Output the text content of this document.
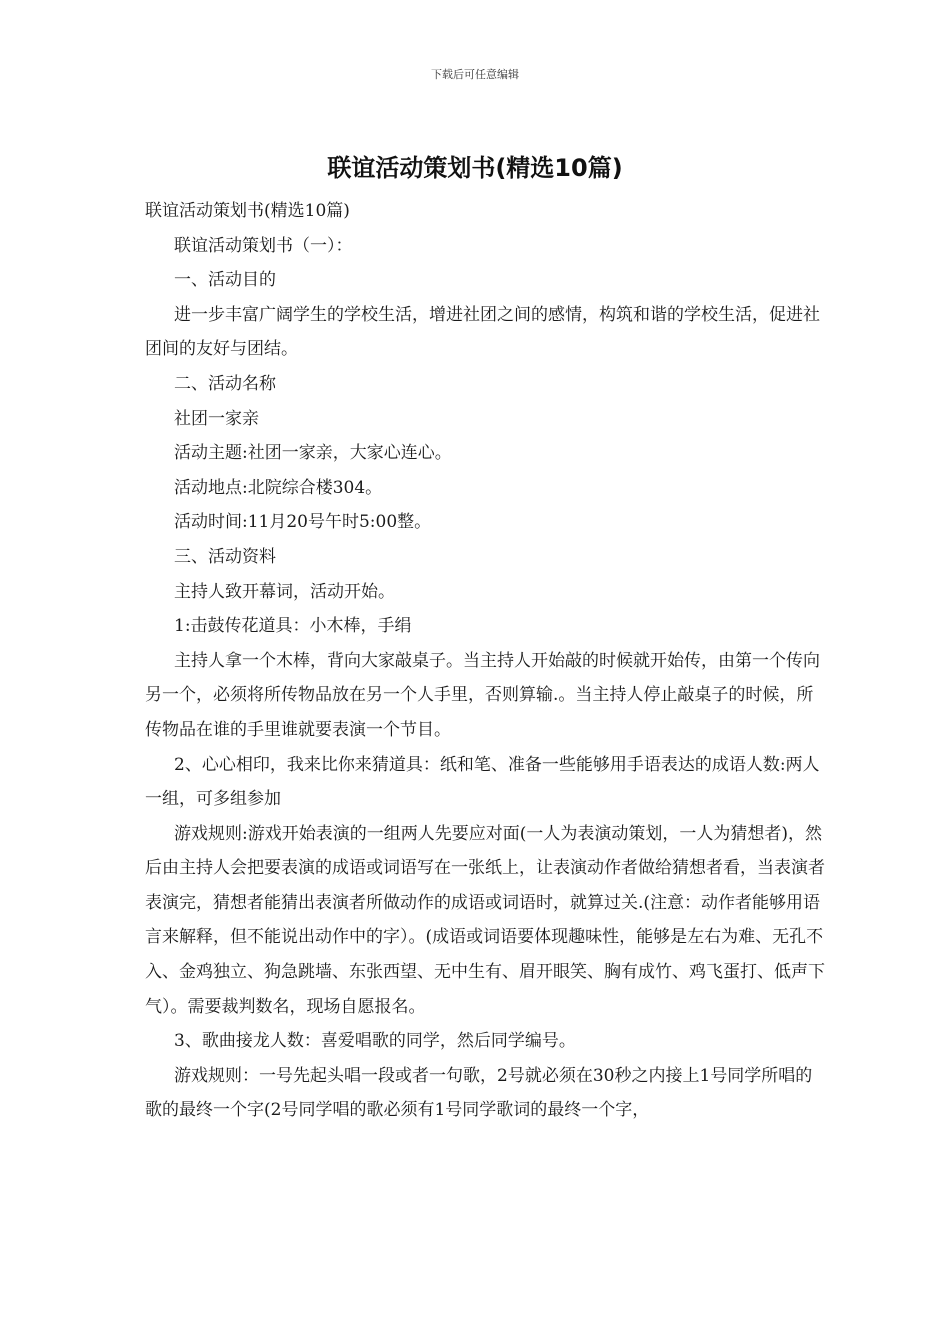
下载后可任意编辑
联谊活动策划书(精选10篇)

联谊活动策划书(精选10篇)

联谊活动策划书（一）：

一、活动目的

进一步丰富广阔学生的学校生活，增进社团之间的感情，构筑和谐的学校生活，促进社团间的友好与团结。

二、活动名称

社团一家亲

活动主题:社团一家亲，大家心连心。

活动地点:北院综合楼304。

活动时间:11月20号午时5:00整。

三、活动资料

主持人致开幕词，活动开始。

1:击鼓传花道具：小木棒，手绢

主持人拿一个木棒，背向大家敲桌子。当主持人开始敲的时候就开始传，由第一个传向另一个，必须将所传物品放在另一个人手里，否则算输.。当主持人停止敲桌子的时候，所传物品在谁的手里谁就要表演一个节目。

2、心心相印，我来比你来猜道具：纸和笔、准备一些能够用手语表达的成语人数:两人一组，可多组参加

游戏规则:游戏开始表演的一组两人先要应对面(一人为表演动策划，一人为猜想者)，然后由主持人会把要表演的成语或词语写在一张纸上，让表演动作者做给猜想者看，当表演者表演完，猜想者能猜出表演者所做动作的成语或词语时，就算过关.(注意：动作者能够用语言来解释，但不能说出动作中的字）。(成语或词语要体现趣味性，能够是左右为难、无孔不入、金鸡独立、狗急跳墙、东张西望、无中生有、眉开眼笑、胸有成竹、鸡飞蛋打、低声下气）。需要裁判数名，现场自愿报名。

3、歌曲接龙人数：喜爱唱歌的同学，然后同学编号。

游戏规则：一号先起头唱一段或者一句歌，2号就必须在30秒之内接上1号同学所唱的歌的最终一个字(2号同学唱的歌必须有1号同学歌词的最终一个字，
